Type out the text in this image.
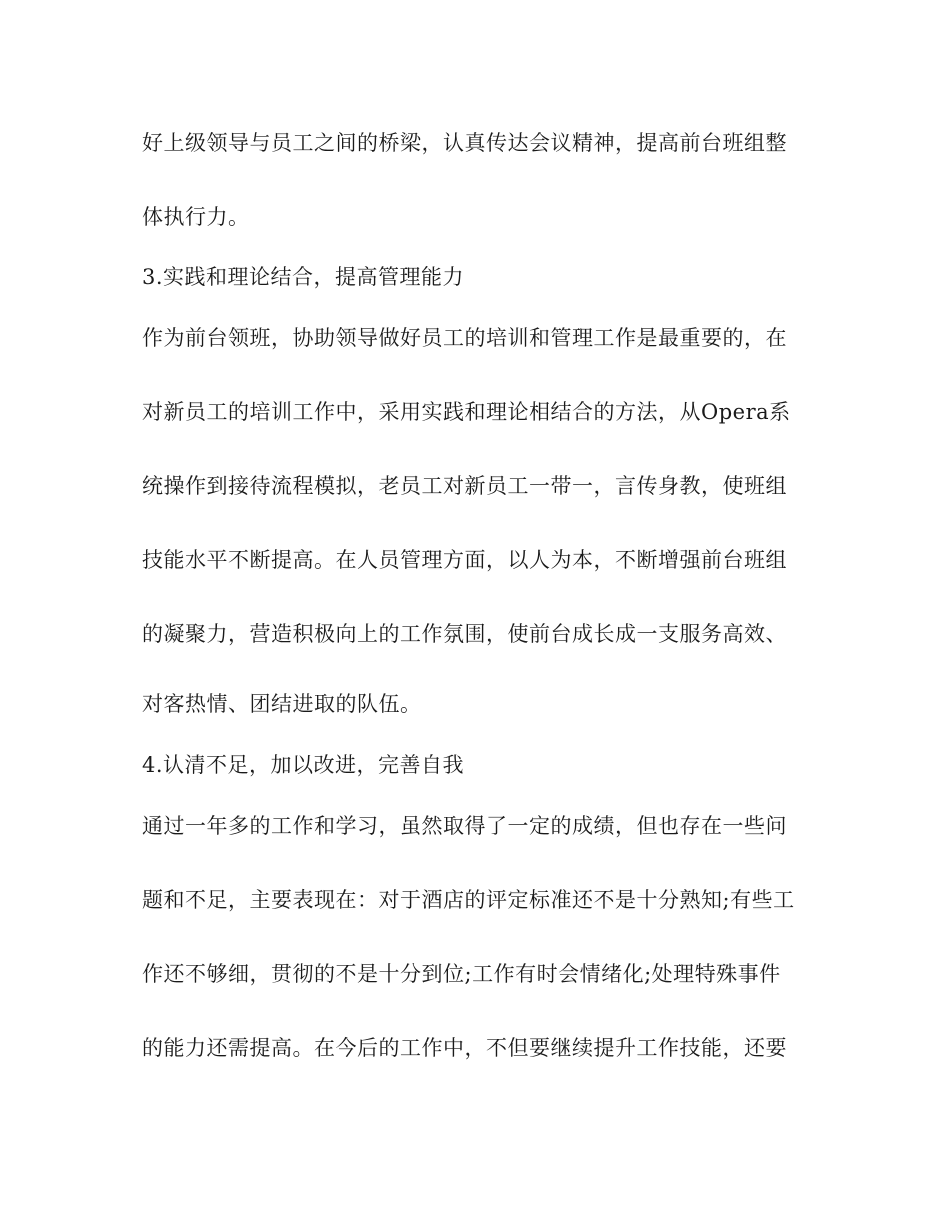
好上级领导与员工之间的桥梁，认真传达会议精神，提高前台班组整
体执行力。
3.实践和理论结合，提高管理能力
作为前台领班，协助领导做好员工的培训和管理工作是最重要的，在
对新员工的培训工作中，采用实践和理论相结合的方法，从Opera系
统操作到接待流程模拟，老员工对新员工一带一，言传身教，使班组
技能水平不断提高。在人员管理方面，以人为本，不断增强前台班组
的凝聚力，营造积极向上的工作氛围，使前台成长成一支服务高效、
对客热情、团结进取的队伍。
4.认清不足，加以改进，完善自我
通过一年多的工作和学习，虽然取得了一定的成绩，但也存在一些问
题和不足，主要表现在：对于酒店的评定标准还不是十分熟知;有些工
作还不够细，贯彻的不是十分到位;工作有时会情绪化;处理特殊事件
的能力还需提高。在今后的工作中，不但要继续提升工作技能，还要
